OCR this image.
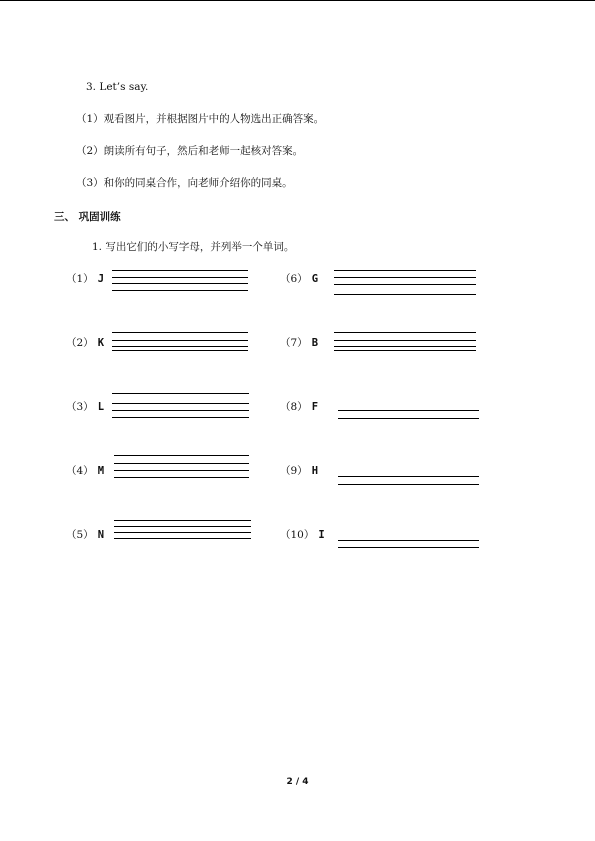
3. Let’s say.
（1）观看图片，并根据图片中的人物选出正确答案。
（2）朗读所有句子，然后和老师一起核对答案。
（3）和你的同桌合作，向老师介绍你的同桌。
三、 巩固训练
1. 写出它们的小写字母，并列举一个单词。
（1） J
（2） K
（3） L
（4） M
（5） N
（6） G
（7） B
（8） F
（9） H
（10） I
2 / 4
